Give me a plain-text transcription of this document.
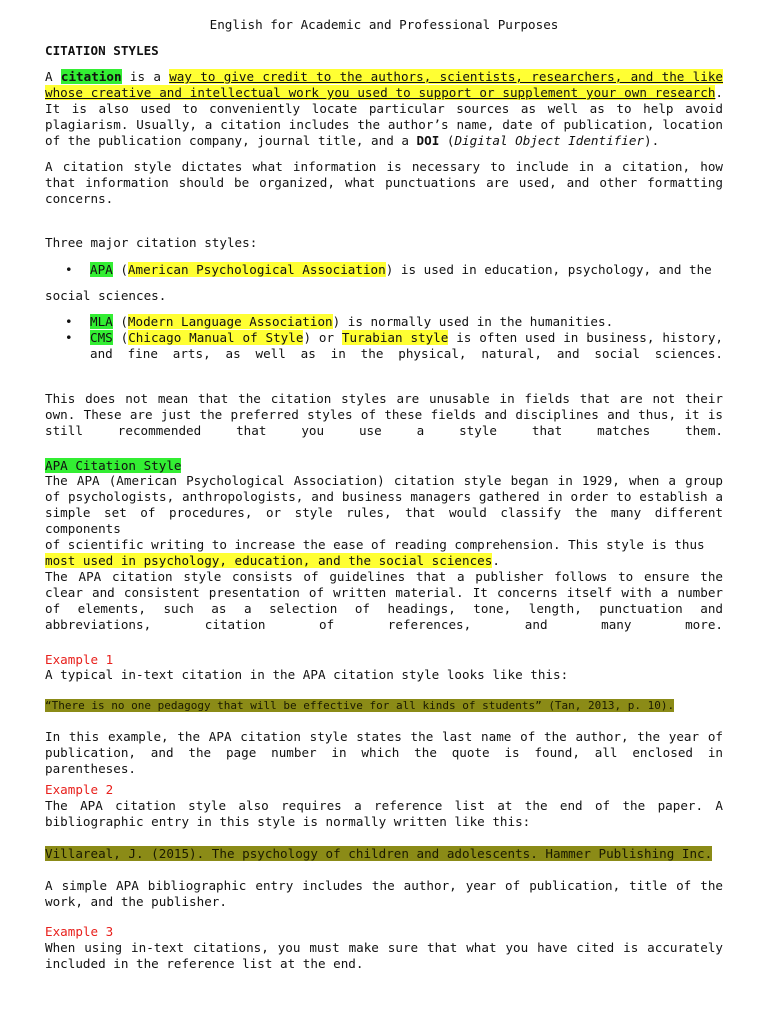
English for Academic and Professional Purposes
CITATION STYLES
A citation is a way to give credit to the authors, scientists, researchers, and the like whose creative and intellectual work you used to support or supplement your own research. It is also used to conveniently locate particular sources as well as to help avoid plagiarism. Usually, a citation includes the author’s name, date of publication, location of the publication company, journal title, and a DOI (Digital Object Identifier).
A citation style dictates what information is necessary to include in a citation, how that information should be organized, what punctuations are used, and other formatting concerns.
Three major citation styles:
• APA (American Psychological Association) is used in education, psychology, and the
social sciences.
• MLA (Modern Language Association) is normally used in the humanities.
• CMS (Chicago Manual of Style) or Turabian style is often used in business, history, and fine arts, as well as in the physical, natural, and social sciences.
This does not mean that the citation styles are unusable in fields that are not their own. These are just the preferred styles of these fields and disciplines and thus, it is still recommended that you use a style that matches them.
APA Citation Style
The APA (American Psychological Association) citation style began in 1929, when a group of psychologists, anthropologists, and business managers gathered in order to establish a simple set of procedures, or style rules, that would classify the many different components
of scientific writing to increase the ease of reading comprehension. This style is thus
most used in psychology, education, and the social sciences.
The APA citation style consists of guidelines that a publisher follows to ensure the clear and consistent presentation of written material. It concerns itself with a number of elements, such as a selection of headings, tone, length, punctuation and abbreviations, citation of references, and many more.
Example 1
A typical in-text citation in the APA citation style looks like this:
“There is no one pedagogy that will be effective for all kinds of students” (Tan, 2013, p. 10).
In this example, the APA citation style states the last name of the author, the year of publication, and the page number in which the quote is found, all enclosed in parentheses.
Example 2
The APA citation style also requires a reference list at the end of the paper. A bibliographic entry in this style is normally written like this:
Villareal, J. (2015). The psychology of children and adolescents. Hammer Publishing Inc.
A simple APA bibliographic entry includes the author, year of publication, title of the work, and the publisher.
Example 3
When using in-text citations, you must make sure that what you have cited is accurately included in the reference list at the end.
